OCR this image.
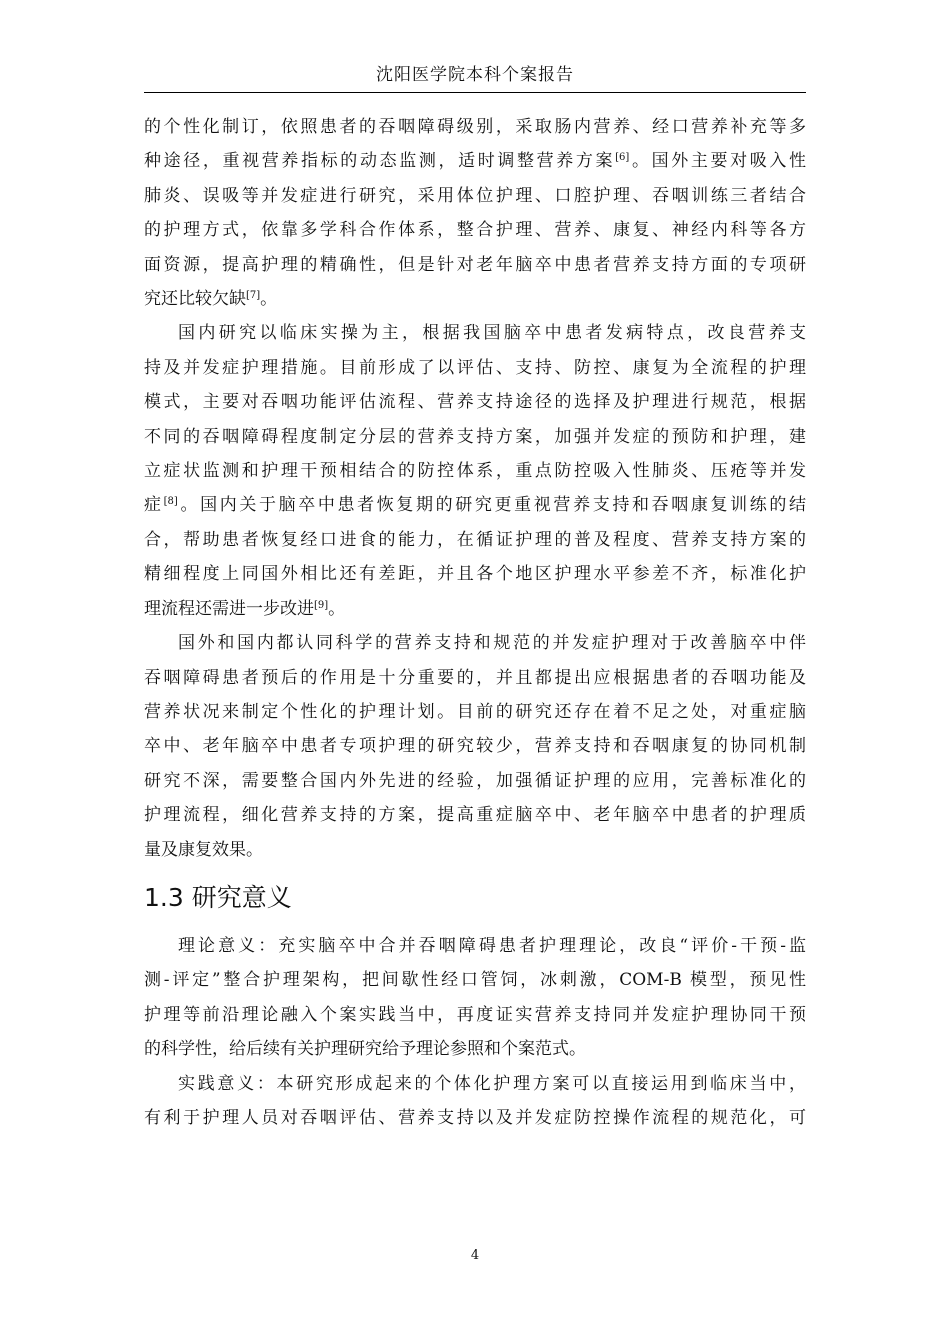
沈阳医学院本科个案报告

的个性化制订，依照患者的吞咽障碍级别，采取肠内营养、经口营养补充等多
种途径，重视营养指标的动态监测，适时调整营养方案[6]。国外主要对吸入性
肺炎、误吸等并发症进行研究，采用体位护理、口腔护理、吞咽训练三者结合
的护理方式，依靠多学科合作体系，整合护理、营养、康复、神经内科等各方
面资源，提高护理的精确性，但是针对老年脑卒中患者营养支持方面的专项研
究还比较欠缺[7]。

国内研究以临床实操为主，根据我国脑卒中患者发病特点，改良营养支
持及并发症护理措施。目前形成了以评估、支持、防控、康复为全流程的护理
模式，主要对吞咽功能评估流程、营养支持途径的选择及护理进行规范，根据
不同的吞咽障碍程度制定分层的营养支持方案，加强并发症的预防和护理，建
立症状监测和护理干预相结合的防控体系，重点防控吸入性肺炎、压疮等并发
症[8]。国内关于脑卒中患者恢复期的研究更重视营养支持和吞咽康复训练的结
合，帮助患者恢复经口进食的能力，在循证护理的普及程度、营养支持方案的
精细程度上同国外相比还有差距，并且各个地区护理水平参差不齐，标准化护
理流程还需进一步改进[9]。

国外和国内都认同科学的营养支持和规范的并发症护理对于改善脑卒中伴
吞咽障碍患者预后的作用是十分重要的，并且都提出应根据患者的吞咽功能及
营养状况来制定个性化的护理计划。目前的研究还存在着不足之处，对重症脑
卒中、老年脑卒中患者专项护理的研究较少，营养支持和吞咽康复的协同机制
研究不深，需要整合国内外先进的经验，加强循证护理的应用，完善标准化的
护理流程，细化营养支持的方案，提高重症脑卒中、老年脑卒中患者的护理质
量及康复效果。

1.3 研究意义

理论意义：充实脑卒中合并吞咽障碍患者护理理论，改良“评价-干预-监
测-评定”整合护理架构，把间歇性经口管饲，冰刺激，COM-B 模型，预见性
护理等前沿理论融入个案实践当中，再度证实营养支持同并发症护理协同干预
的科学性，给后续有关护理研究给予理论参照和个案范式。

实践意义：本研究形成起来的个体化护理方案可以直接运用到临床当中，
有利于护理人员对吞咽评估、营养支持以及并发症防控操作流程的规范化，可

4
